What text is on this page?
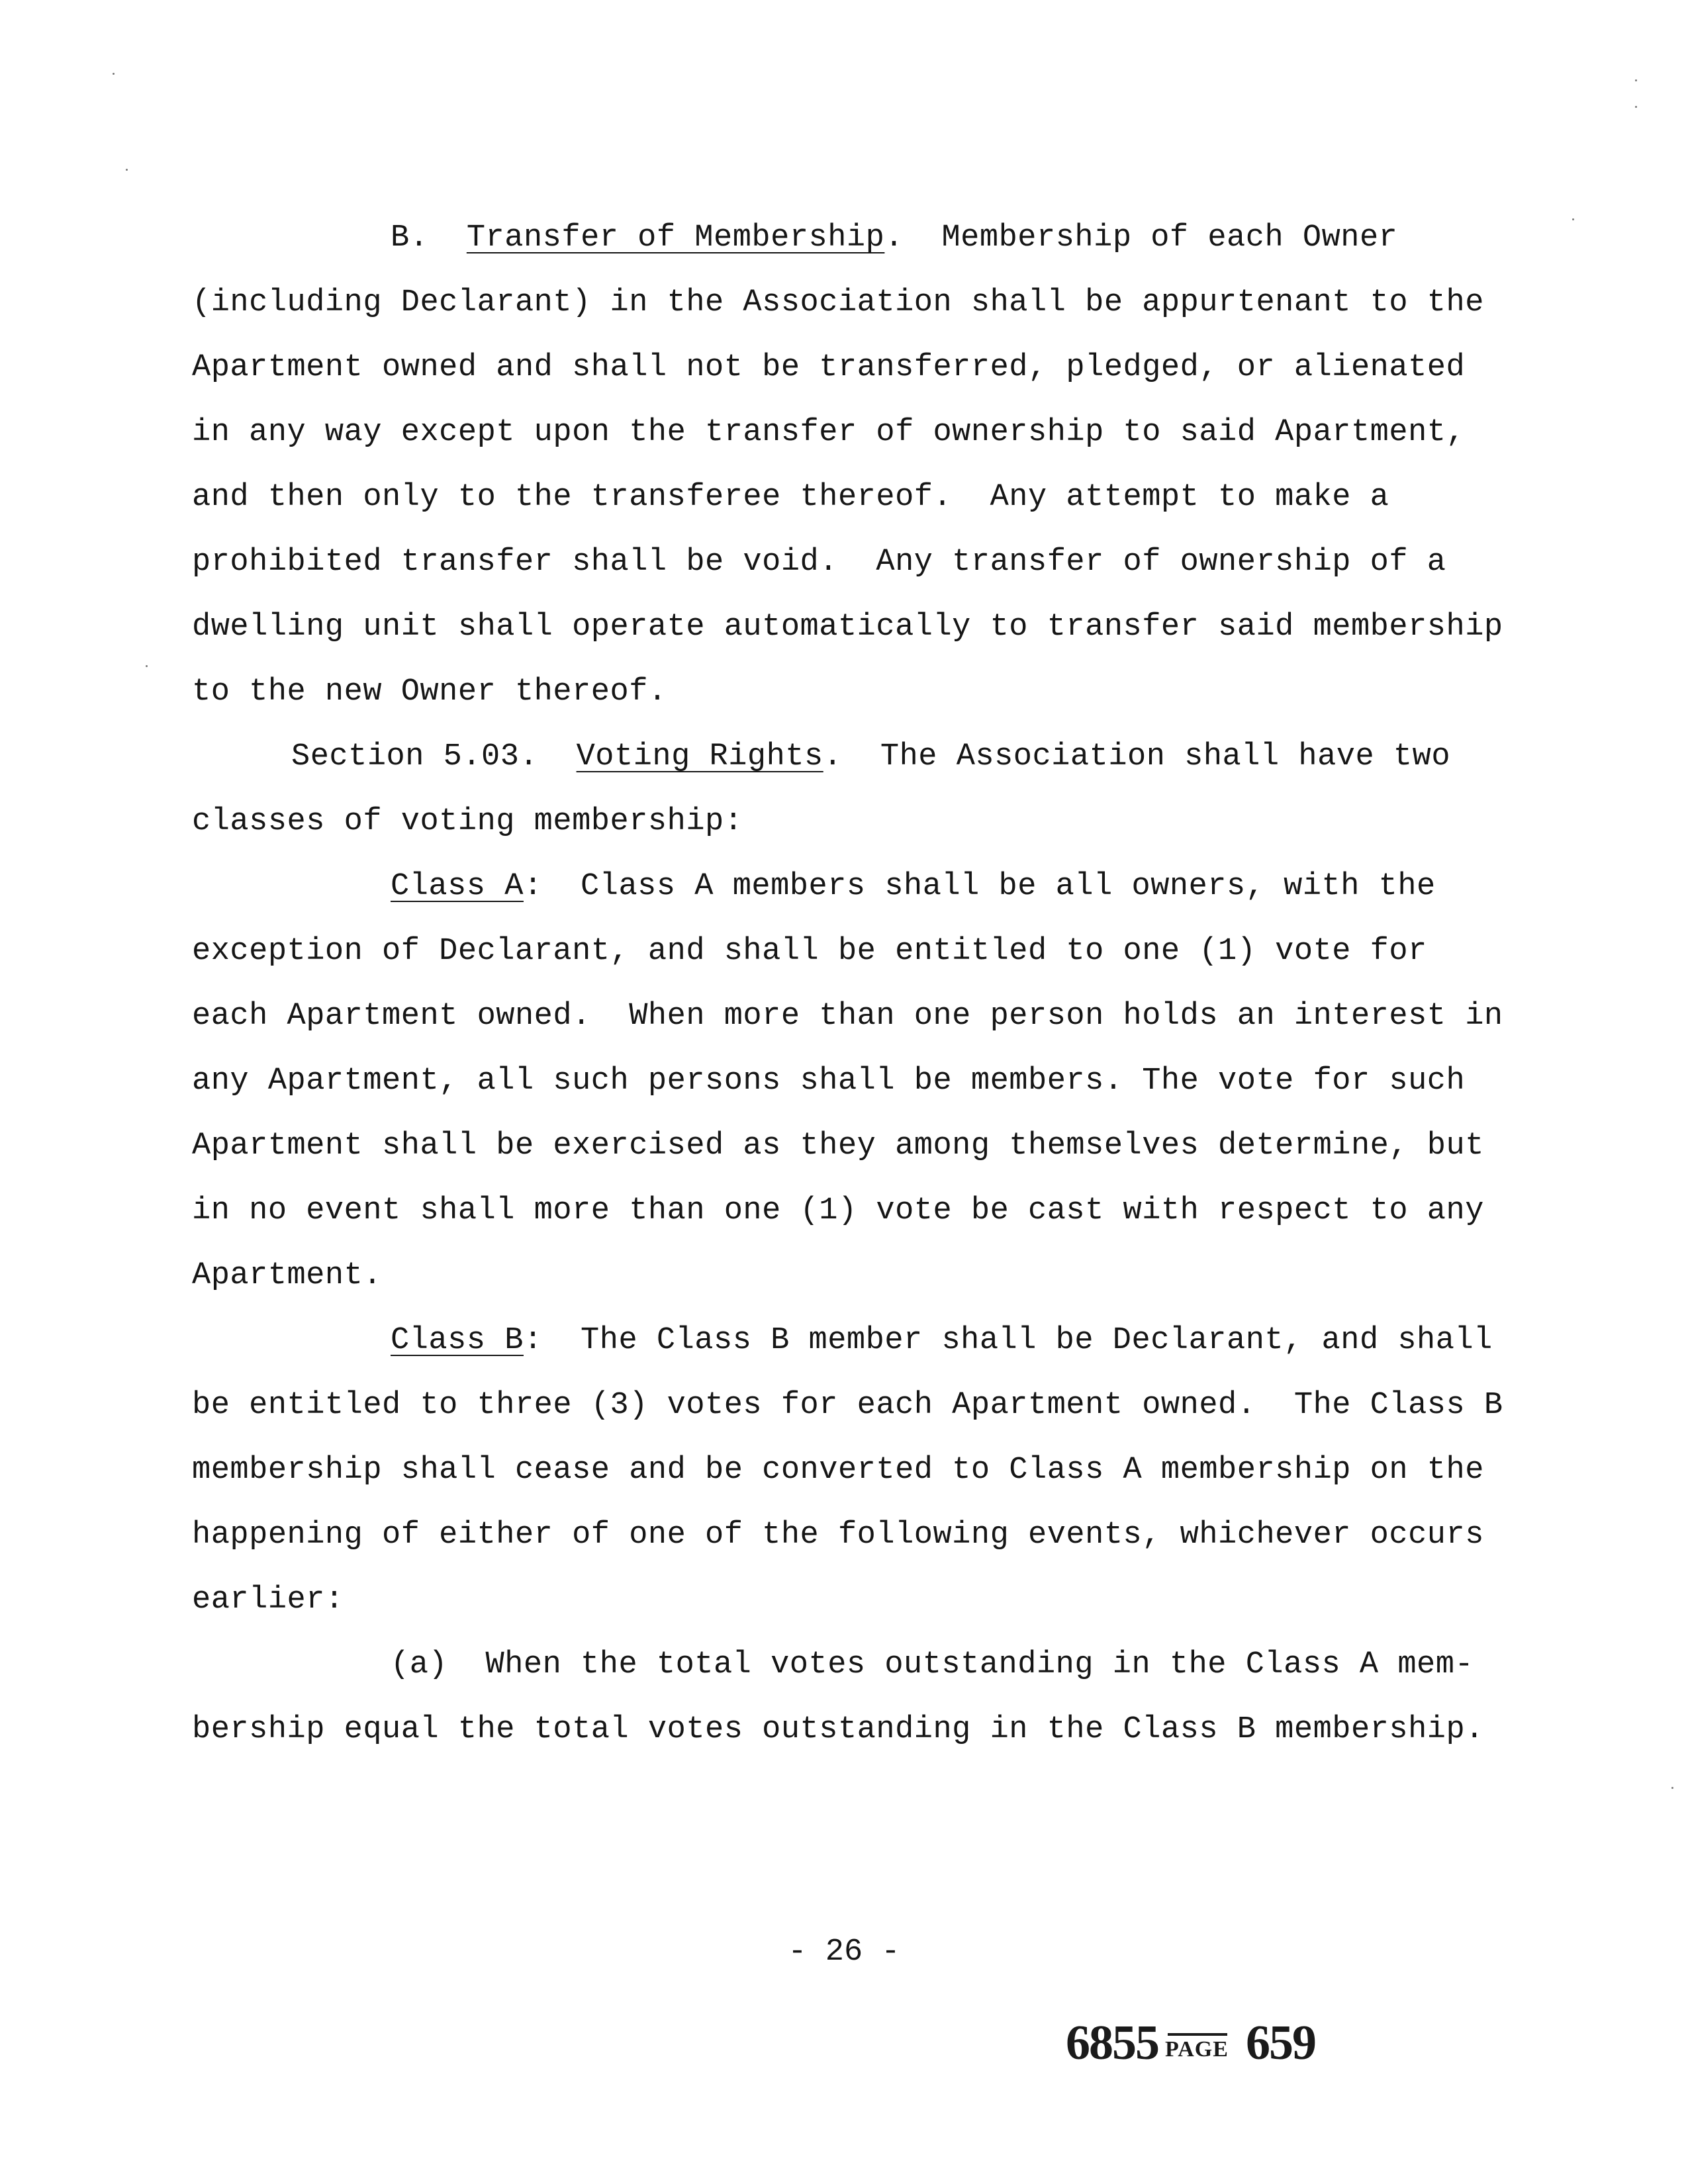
B. Transfer of Membership.  Membership of each Owner
(including Declarant) in the Association shall be appurtenant to the
Apartment owned and shall not be transferred, pledged, or alienated
in any way except upon the transfer of ownership to said Apartment,
and then only to the transferee thereof.  Any attempt to make a
prohibited transfer shall be void.  Any transfer of ownership of a
dwelling unit shall operate automatically to transfer said membership
to the new Owner thereof.
Section 5.03. Voting Rights.  The Association shall have two
classes of voting membership:
Class A:  Class A members shall be all owners, with the
exception of Declarant, and shall be entitled to one (1) vote for
each Apartment owned.  When more than one person holds an interest in
any Apartment, all such persons shall be members. The vote for such
Apartment shall be exercised as they among themselves determine, but
in no event shall more than one (1) vote be cast with respect to any
Apartment.
Class B:  The Class B member shall be Declarant, and shall
be entitled to three (3) votes for each Apartment owned.  The Class B
membership shall cease and be converted to Class A membership on the
happening of either of one of the following events, whichever occurs
earlier:
(a)  When the total votes outstanding in the Class A mem-
bership equal the total votes outstanding in the Class B membership.
- 26 -
6855 PAGE 659
